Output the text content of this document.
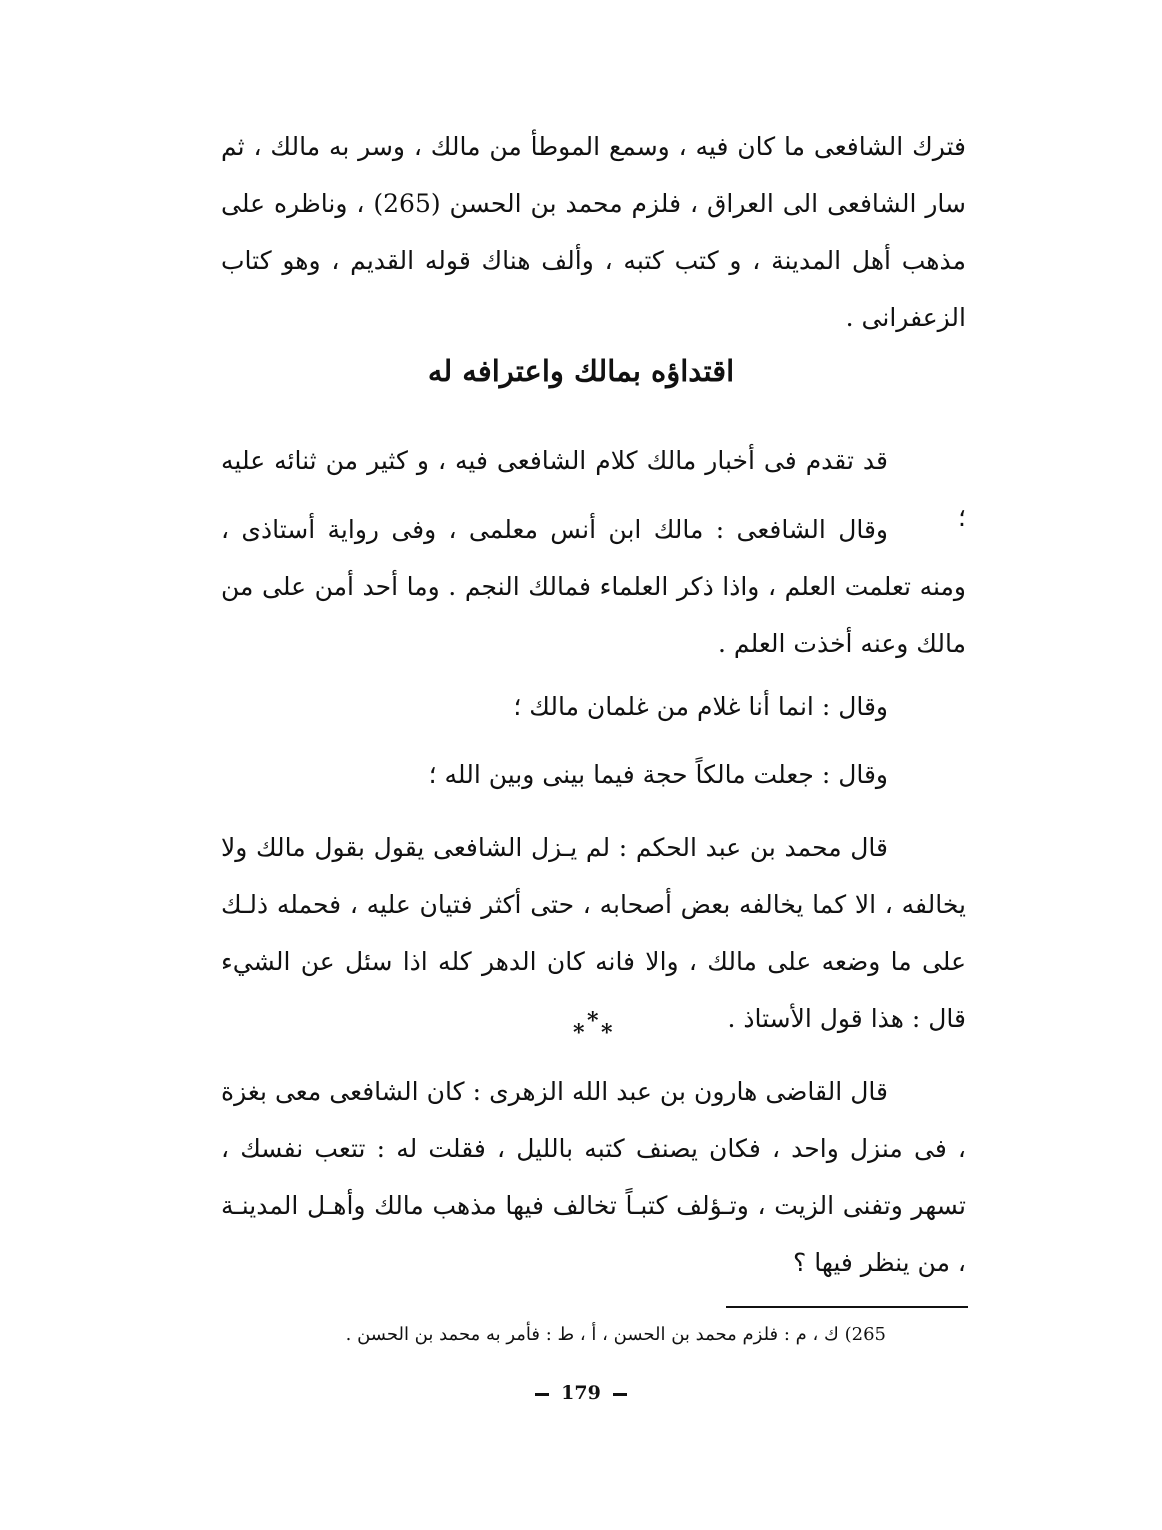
فترك الشافعى ما كان فيه ، وسمع الموطأ من مالك ، وسر به مالك ، ثم سار الشافعى الى العراق ، فلزم محمد بن الحسن (265) ، وناظره على مذهب أهل المدينة ، و كتب كتبه ، وألف هناك قوله القديم ، وهو كتاب الزعفرانى .

اقتداؤه بمالك واعترافه له

قد تقدم فى أخبار مالك كلام الشافعى فيه ، و كثير من ثنائه عليه ؛

وقال الشافعى : مالك ابن أنس معلمى ، وفى رواية أستاذى ، ومنه تعلمت العلم ، واذا ذكر العلماء فمالك النجم . وما أحد أمن على من مالك وعنه أخذت العلم .

وقال : انما أنا غلام من غلمان مالك ؛

وقال : جعلت مالكاً حجة فيما بينى وبين الله ؛

قال محمد بن عبد الحكم : لم يـزل الشافعى يقول بقول مالك ولا يخالفه ، الا كما يخالفه بعض أصحابه ، حتى أكثر فتيان عليه ، فحمله ذلـك على ما وضعه على مالك ، والا فانه كان الدهر كله اذا سئل عن الشيء قال : هذا قول الأستاذ .

* * *

قال القاضى هارون بن عبد الله الزهرى : كان الشافعى معى بغزة ، فى منزل واحد ، فكان يصنف كتبه بالليل ، فقلت له : تتعب نفسك ، تسهر وتفنى الزيت ، وتـؤلف كتبـاً تخالف فيها مذهب مالك وأهـل المدينـة ، من ينظر فيها ؟

265) ك ، م : فلزم محمد بن الحسن ، أ ، ط : فأمر به محمد بن الحسن .

179
